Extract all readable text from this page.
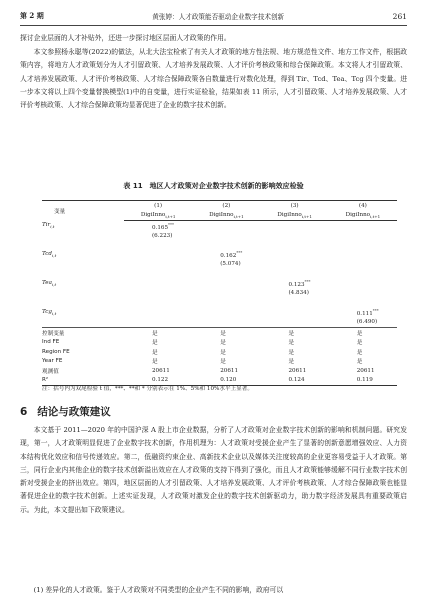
第 2 期	黄张婷：人才政策能否驱动企业数字技术创新	261

探讨企业层面的人才补贴外，还进一步探讨地区层面人才政策的作用。

本文参照杨永聪等(2022)的做法，从北大法宝检索了有关人才政策的地方性法规、地方规范性文件、地方工作文件，根据政策内容，将地方人才政策划分为人才引留政策、人才培养发展政策、人才评价考核政策和综合保障政策。本文将人才引留政策、人才培养发展政策、人才评价考核政策、人才综合保障政策各自数量进行对数化处理，得到 Tir、Tcd、Tea、Tcg 四个变量。进一步本文将以上四个变量替换模型(1)中的自变量，进行实证检验，结果如表 11 所示，人才引留政策、人才培养发展政策、人才评价考核政策、人才综合保障政策均显著促进了企业的数字技术创新。

表 11　地区人才政策对企业数字技术创新的影响效应检验
变量	(1)	(2)	(3)	(4)
	DigiInno$_{i,t+1}$	DigiInno$_{i,t+1}$	DigiInno$_{i,t+1}$	DigiInno$_{i,t+1}$
Tir$_{i,t}$	0.165***			
	(6.223)			

Tcd$_{i,t}$		0.162***		
		(5.074)		

Tea$_{i,t}$			0.123***	
			(4.834)	

Tcg$_{i,t}$				0.111***
				(6.490)
控制变量	是	是	是	是
Ind FE	是	是	是	是
Region FE	是	是	是	是
Year FE	是	是	是	是
观测值	20611	20611	20611	20611
R²	0.122	0.120	0.124	0.119
注：括号内为双尾检验 t 值，***、**和 * 分别表示在 1%、5%和 10%水平上显著。
6 结论与政策建议

本文基于 2011—2020 年的中国沪深 A 股上市企业数据，分析了人才政策对企业数字技术创新的影响和机制问题。研究发现，第一，人才政策明显促进了企业数字技术创新，作用机理为：人才政策对受援企业产生了显著的创新意愿增强效应、人力资本结构优化效应和信号传递效应。第二，低融资约束企业、高新技术企业以及媒体关注度较高的企业更容易受益于人才政策。第三，同行企业内其他企业的数字技术创新溢出效应在人才政策的支持下得到了强化，而且人才政策能够缓解不同行业数字技术创新对受援企业的挤出效应。第四，地区层面的人才引留政策、人才培养发展政策、人才评价考核政策、人才综合保障政策也能显著促进企业的数字技术创新。上述实证发现，人才政策对激发企业的数字技术创新驱动力，助力数字经济发展具有重要政策启示。为此，本文提出如下政策建议。

(1) 差异化的人才政策。鉴于人才政策对不同类型的企业产生不同的影响，政府可以
